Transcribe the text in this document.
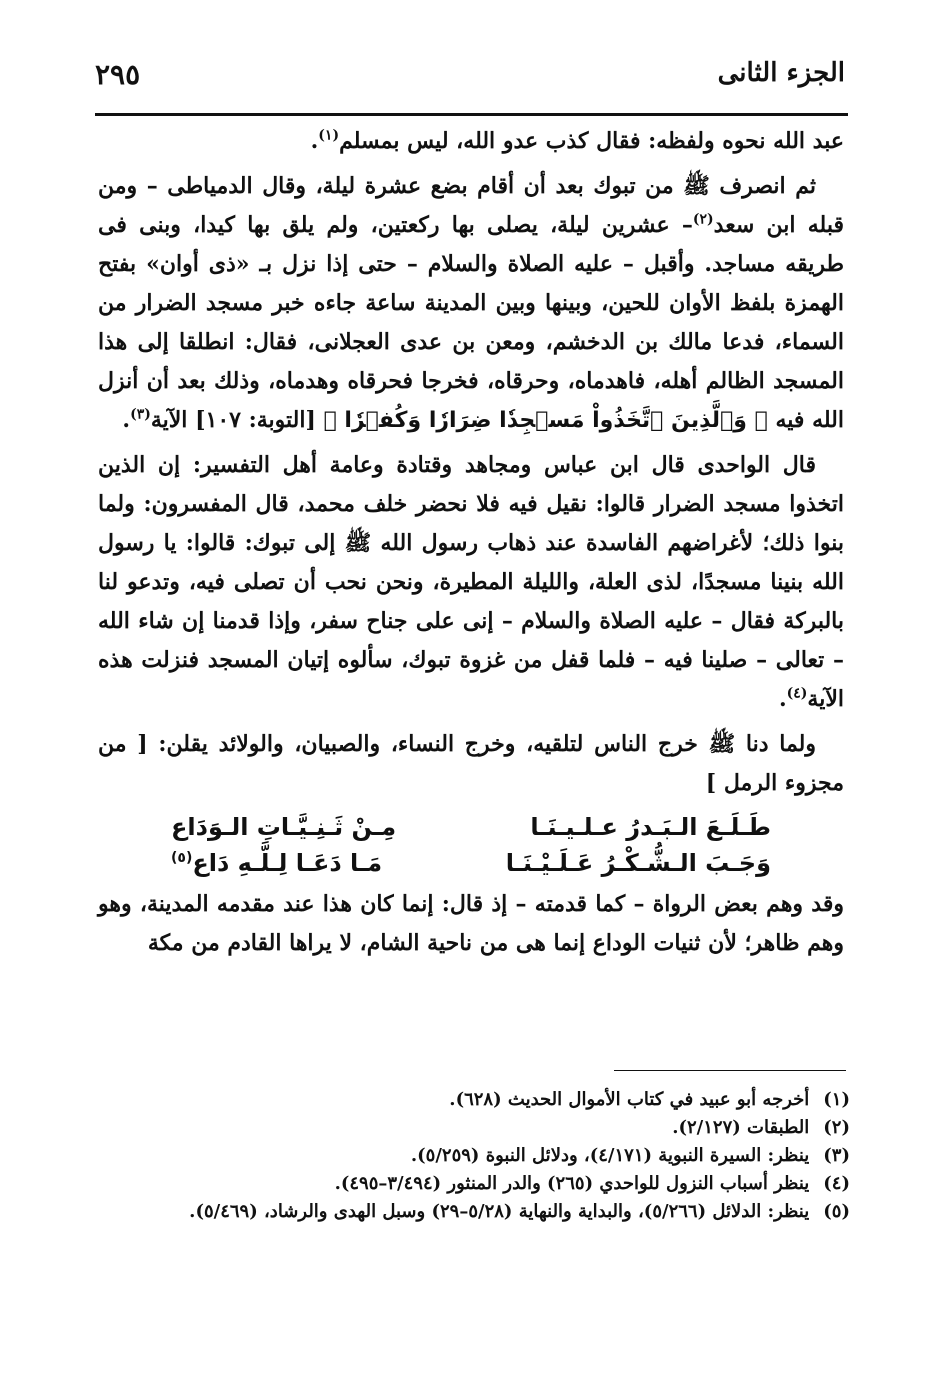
الجزء الثانى
٢٩٥

عبد الله نحوه ولفظه: فقال كذب عدو الله، ليس بمسلم$^{(١)}$.

ثم انصرف ﷺ من تبوك بعد أن أقام بضع عشرة ليلة، وقال الدمياطى – ومن قبله ابن سعد$^{(٢)}$– عشرين ليلة، يصلى بها ركعتين، ولم يلق بها كيدا، وبنى فى طريقه مساجد. وأقبل – عليه الصلاة والسلام – حتى إذا نزل بـ «ذى أوان» بفتح الهمزة بلفظ الأوان للحين، وبينها وبين المدينة ساعة جاءه خبر مسجد الضرار من السماء، فدعا مالك بن الدخشم، ومعن بن عدى العجلانى، فقال: انطلقا إلى هذا المسجد الظالم أهله، فاهدماه، وحرقاه، فخرجا فحرقاه وهدماه، وذلك بعد أن أنزل الله فيه ﴿ وَٱلَّذِينَ ٱتَّخَذُواْ مَسۡجِدٗا ضِرَارٗا وَكُفۡرٗا ﴾ [التوبة: ١٠٧] الآية$^{(٣)}$.

قال الواحدى قال ابن عباس ومجاهد وقتادة وعامة أهل التفسير: إن الذين اتخذوا مسجد الضرار قالوا: نقيل فيه فلا نحضر خلف محمد، قال المفسرون: ولما بنوا ذلك؛ لأغراضهم الفاسدة عند ذهاب رسول الله ﷺ إلى تبوك: قالوا: يا رسول الله بنينا مسجدًا، لذى العلة، والليلة المطيرة، ونحن نحب أن تصلى فيه، وتدعو لنا بالبركة فقال – عليه الصلاة والسلام – إنى على جناح سفر، وإذا قدمنا إن شاء الله – تعالى – صلينا فيه – فلما قفل من غزوة تبوك، سألوه إتيان المسجد فنزلت هذه الآية$^{(٤)}$.

ولما دنا ﷺ خرج الناس لتلقيه، وخرج النساء، والصبيان، والولائد يقلن: [ من مجزوء الرمل ]

طَـلَـعَ الـبَـدرُ عـلـيـنَـا
مِـنْ ثَـنِـيَّـاتِ الـوَدَاع
وَجَـبَ الـشُّـكْـرُ عَـلَـيْـنَـا
مَـا دَعَـا لِـلَّـهِ دَاع$^{(٥)}$

وقد وهم بعض الرواة – كما قدمته – إذ قال: إنما كان هذا عند مقدمه المدينة، وهو وهم ظاهر؛ لأن ثنيات الوداع إنما هى من ناحية الشام، لا يراها القادم من مكة

(١)
أخرجه أبو عبيد في كتاب الأموال الحديث (٦٢٨).
(٢)
الطبقات (٢/١٢٧).
(٣)
ينظر: السيرة النبوية (٤/١٧١)، ودلائل النبوة (٥/٢٥٩).
(٤)
ينظر أسباب النزول للواحدي (٢٦٥) والدر المنثور (٣/٤٩٤–٤٩٥).
(٥)
ينظر: الدلائل (٥/٢٦٦)، والبداية والنهاية (٥/٢٨–٢٩) وسبل الهدى والرشاد، (٥/٤٦٩).
